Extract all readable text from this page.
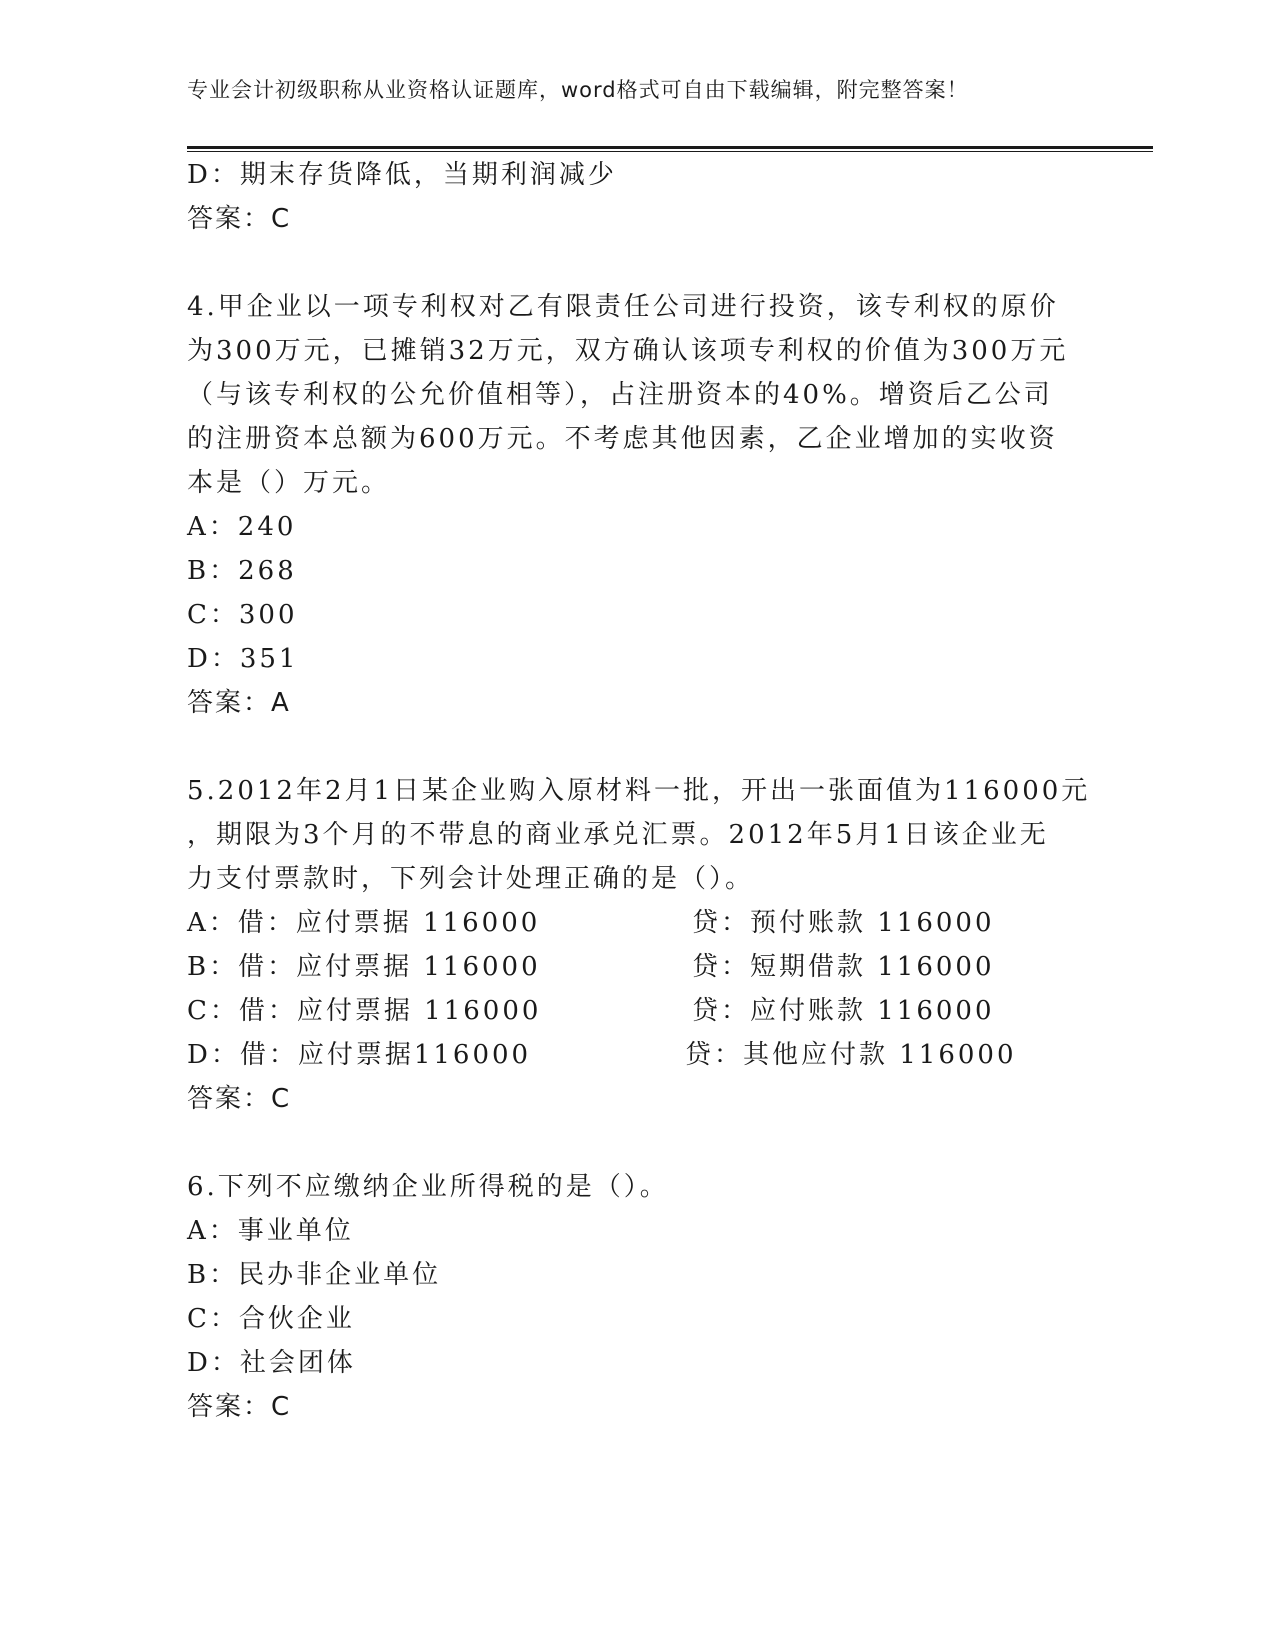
专业会计初级职称从业资格认证题库，word格式可自由下载编辑，附完整答案！
D：期末存货降低，当期利润减少
答案：C
4.甲企业以一项专利权对乙有限责任公司进行投资，该专利权的原价
为300万元，已摊销32万元，双方确认该项专利权的价值为300万元
（与该专利权的公允价值相等），占注册资本的40%。增资后乙公司
的注册资本总额为600万元。不考虑其他因素，乙企业增加的实收资
本是（）万元。
A：240
B：268
C：300
D：351
答案：A
5.2012年2月1日某企业购入原材料一批，开出一张面值为116000元
，期限为3个月的不带息的商业承兑汇票。2012年5月1日该企业无
力支付票款时，下列会计处理正确的是（）。
A：借：应付票据 116000	贷：预付账款 116000
B：借：应付票据 116000	贷：短期借款 116000
C：借：应付票据 116000	贷：应付账款 116000
D：借：应付票据116000	贷：其他应付款 116000
答案：C
6.下列不应缴纳企业所得税的是（）。
A：事业单位
B：民办非企业单位
C：合伙企业
D：社会团体
答案：C
